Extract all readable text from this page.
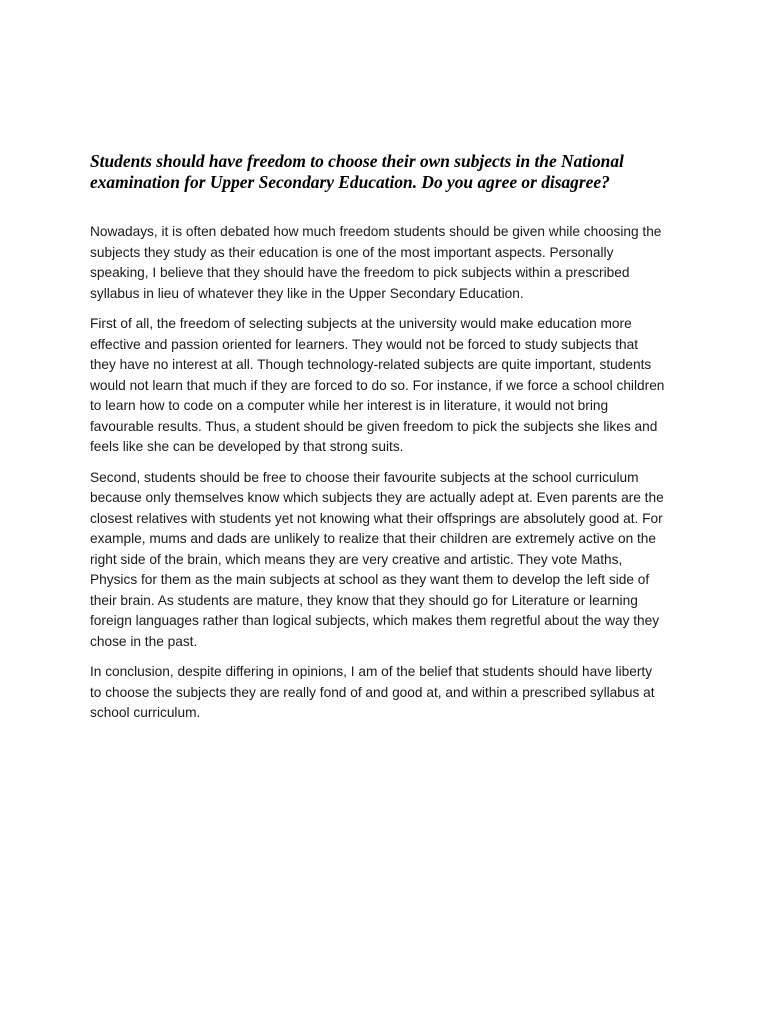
Students should have freedom to choose their own subjects in the National
examination for Upper Secondary Education. Do you agree or disagree?

Nowadays, it is often debated how much freedom students should be given while choosing the
subjects they study as their education is one of the most important aspects. Personally
speaking, I believe that they should have the freedom to pick subjects within a prescribed
syllabus in lieu of whatever they like in the Upper Secondary Education.

First of all, the freedom of selecting subjects at the university would make education more
effective and passion oriented for learners. They would not be forced to study subjects that
they have no interest at all. Though technology-related subjects are quite important, students
would not learn that much if they are forced to do so. For instance, if we force a school children
to learn how to code on a computer while her interest is in literature, it would not bring
favourable results. Thus, a student should be given freedom to pick the subjects she likes and
feels like she can be developed by that strong suits.

Second, students should be free to choose their favourite subjects at the school curriculum
because only themselves know which subjects they are actually adept at. Even parents are the
closest relatives with students yet not knowing what their offsprings are absolutely good at. For
example, mums and dads are unlikely to realize that their children are extremely active on the
right side of the brain, which means they are very creative and artistic. They vote Maths,
Physics for them as the main subjects at school as they want them to develop the left side of
their brain. As students are mature, they know that they should go for Literature or learning
foreign languages rather than logical subjects, which makes them regretful about the way they
chose in the past.

In conclusion, despite differing in opinions, I am of the belief that students should have liberty
to choose the subjects they are really fond of and good at, and within a prescribed syllabus at
school curriculum.
